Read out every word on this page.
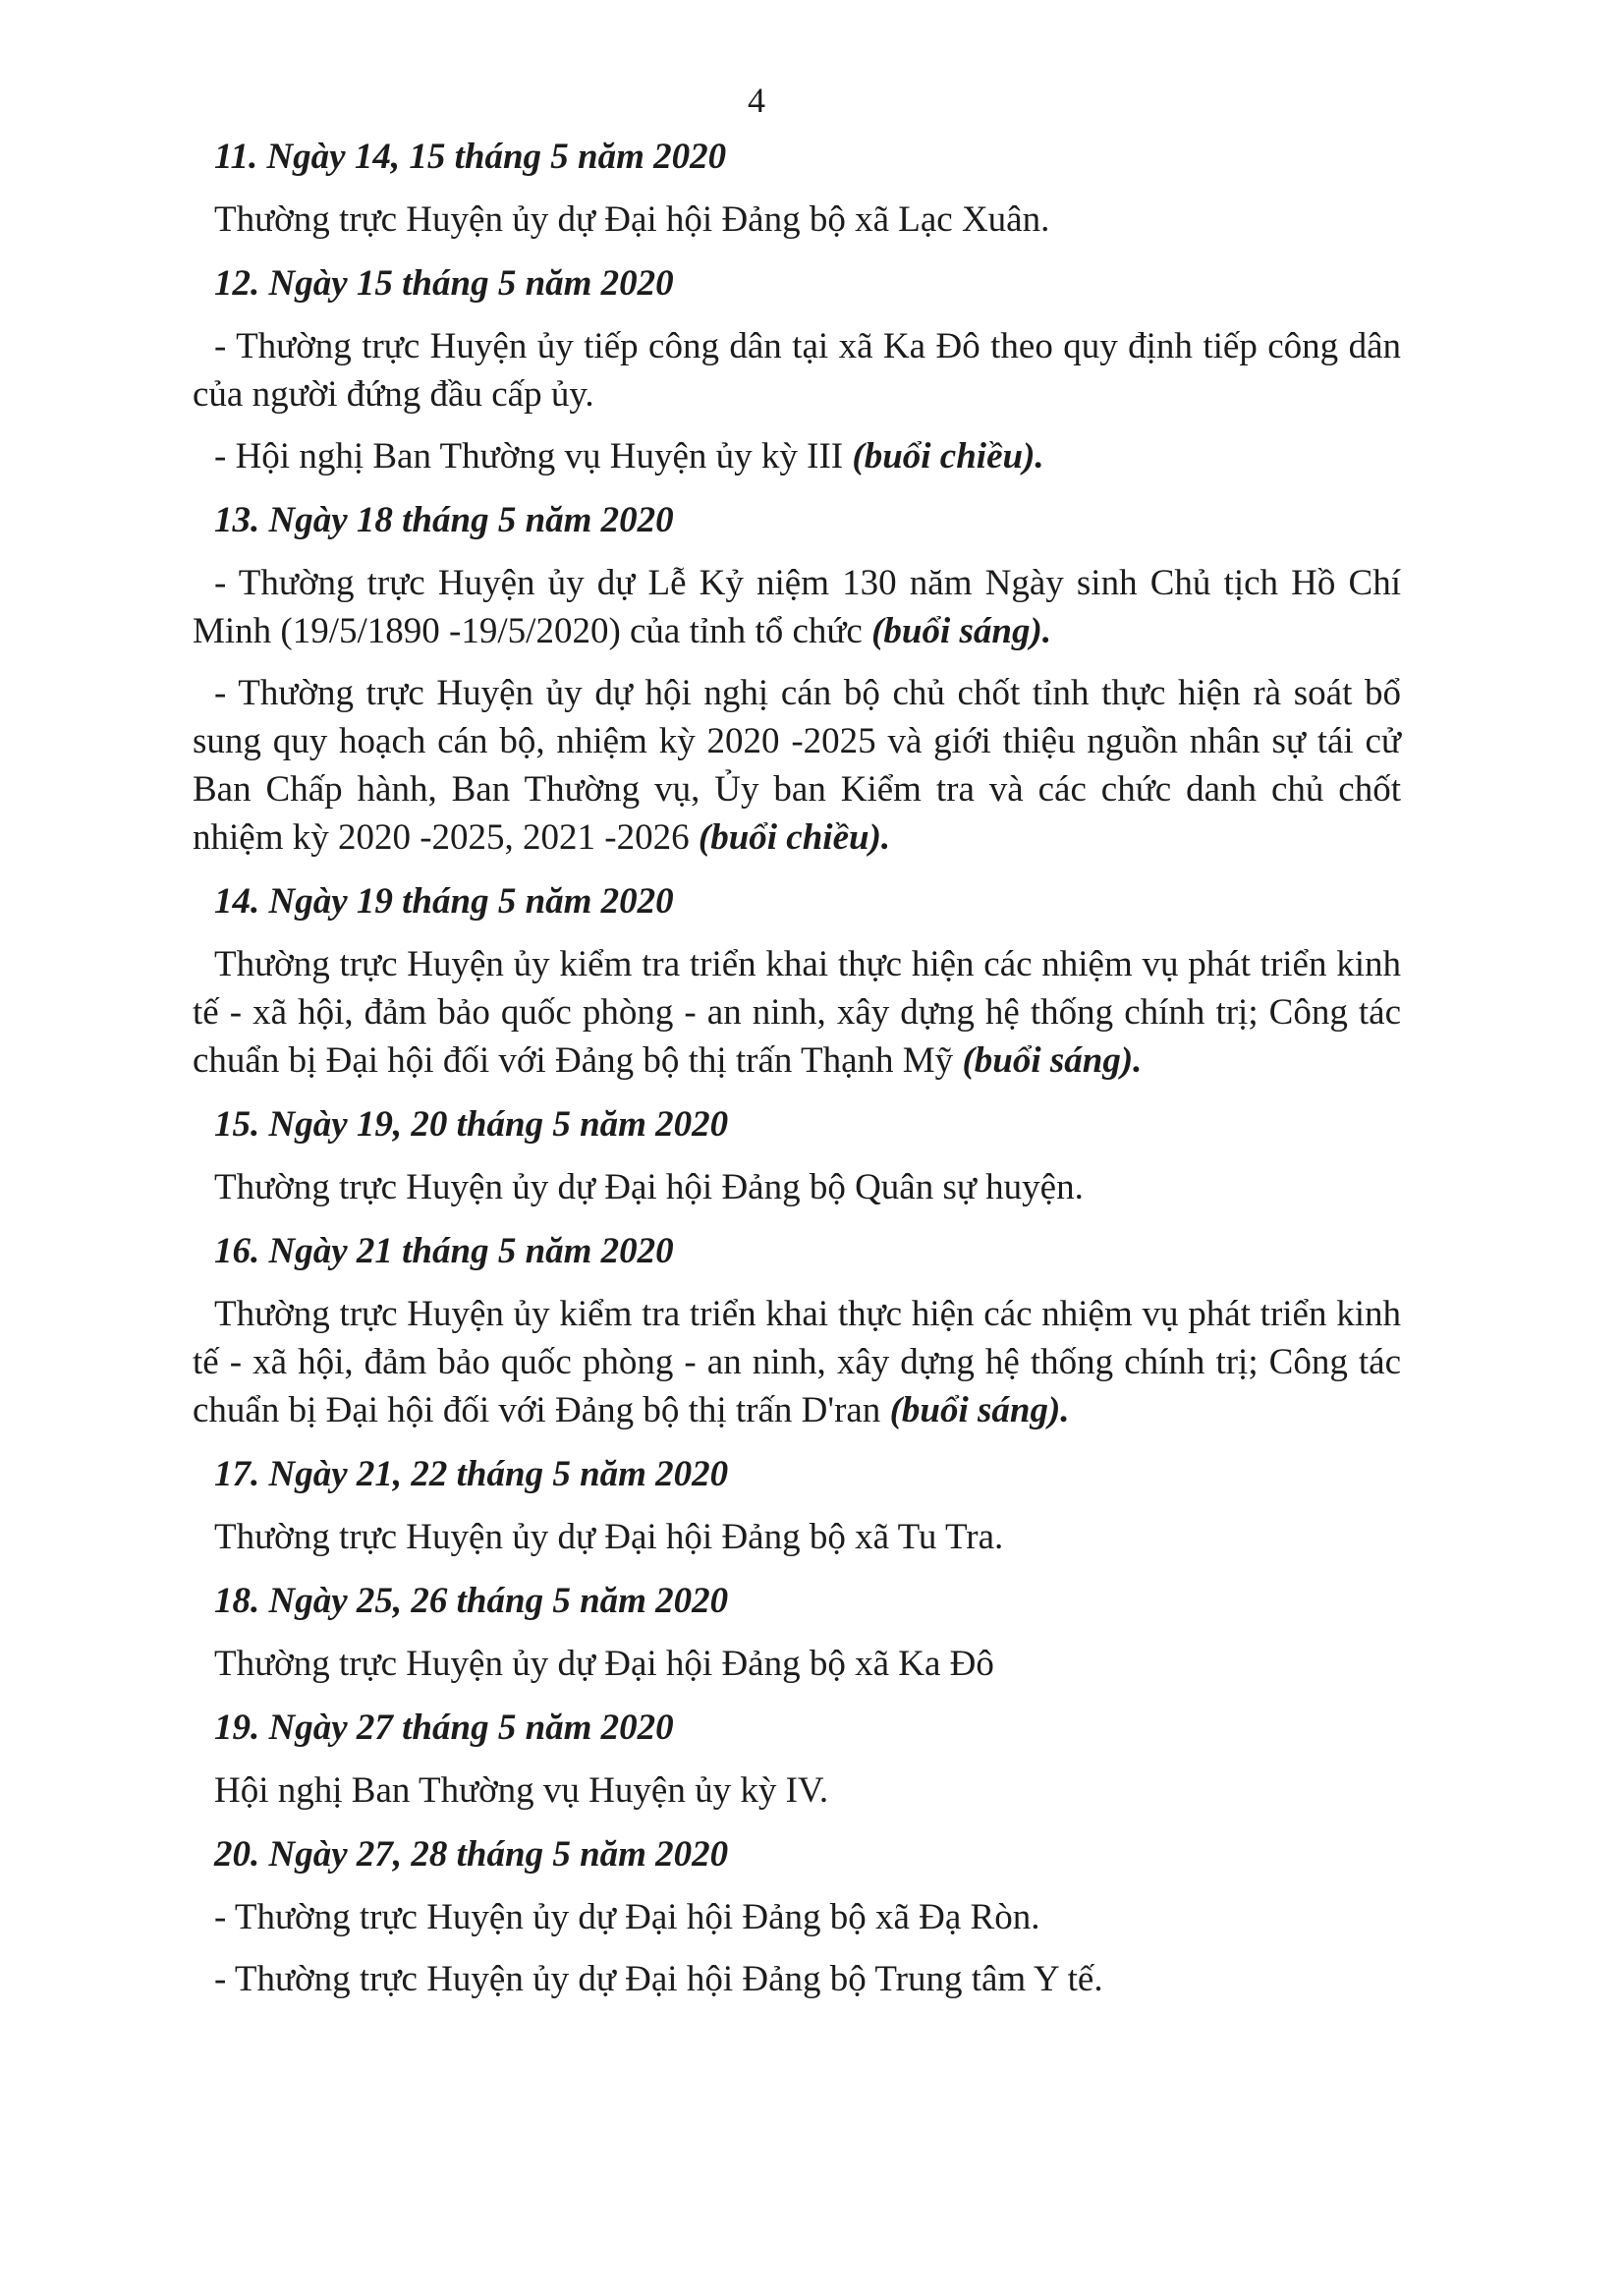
4
11. Ngày 14, 15 tháng 5 năm 2020

Thường trực Huyện ủy dự Đại hội Đảng bộ xã Lạc Xuân.

12. Ngày 15 tháng 5 năm 2020

- Thường trực Huyện ủy tiếp công dân tại xã Ka Đô theo quy định tiếp công dân của người đứng đầu cấp ủy.

- Hội nghị Ban Thường vụ Huyện ủy kỳ III (buổi chiều).

13. Ngày 18 tháng 5 năm 2020

- Thường trực Huyện ủy dự Lễ Kỷ niệm 130 năm Ngày sinh Chủ tịch Hồ Chí Minh (19/5/1890 -19/5/2020) của tỉnh tổ chức (buổi sáng).

- Thường trực Huyện ủy dự hội nghị cán bộ chủ chốt tỉnh thực hiện rà soát bổ sung quy hoạch cán bộ, nhiệm kỳ 2020 -2025 và giới thiệu nguồn nhân sự tái cử Ban Chấp hành, Ban Thường vụ, Ủy ban Kiểm tra và các chức danh chủ chốt nhiệm kỳ 2020 -2025, 2021 -2026 (buổi chiều).

14. Ngày 19 tháng 5 năm 2020

Thường trực Huyện ủy kiểm tra triển khai thực hiện các nhiệm vụ phát triển kinh tế - xã hội, đảm bảo quốc phòng - an ninh, xây dựng hệ thống chính trị; Công tác chuẩn bị Đại hội đối với Đảng bộ thị trấn Thạnh Mỹ (buổi sáng).

15. Ngày 19, 20 tháng 5 năm 2020

Thường trực Huyện ủy dự Đại hội Đảng bộ Quân sự huyện.

16. Ngày 21 tháng 5 năm 2020

Thường trực Huyện ủy kiểm tra triển khai thực hiện các nhiệm vụ phát triển kinh tế - xã hội, đảm bảo quốc phòng - an ninh, xây dựng hệ thống chính trị; Công tác chuẩn bị Đại hội đối với Đảng bộ thị trấn D'ran (buổi sáng).

17. Ngày 21, 22 tháng 5 năm 2020

Thường trực Huyện ủy dự Đại hội Đảng bộ xã Tu Tra.

18. Ngày 25, 26 tháng 5 năm 2020

Thường trực Huyện ủy dự Đại hội Đảng bộ xã Ka Đô

19. Ngày 27 tháng 5 năm 2020

Hội nghị Ban Thường vụ Huyện ủy kỳ IV.

20. Ngày 27, 28 tháng 5 năm 2020

- Thường trực Huyện ủy dự Đại hội Đảng bộ xã Đạ Ròn.

- Thường trực Huyện ủy dự Đại hội Đảng bộ Trung tâm Y tế.
